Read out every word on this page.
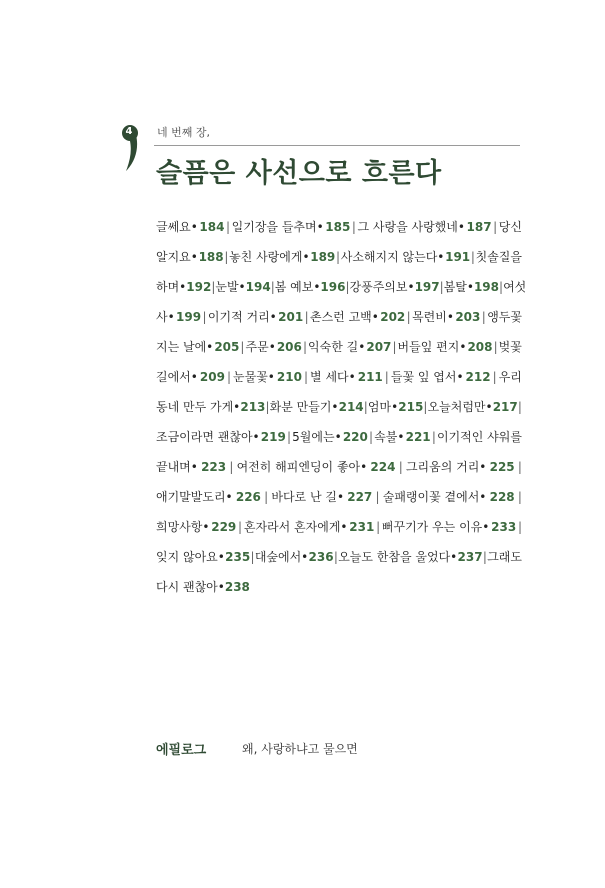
4	네 번째 장,
슬픔은 사선으로 흐른다
글쎄요• 184 | 일기장을 들추며• 185 | 그 사랑을 사랑했네• 187 | 당신
알지요• 188 | 놓친 사랑에게• 189 | 사소해지지 않는다• 191 | 칫솔질을
하며• 192 | 눈발• 194 | 봄 예보• 196 | 강풍주의보• 197 | 봄탈• 198 | 여섯
사• 199 | 이기적 거리• 201 | 촌스런 고백• 202 | 목련비• 203 | 앵두꽃
지는 날에• 205 | 주문• 206 | 익숙한 길• 207 | 버들잎 편지• 208 | 벚꽃
길에서• 209 | 눈물꽃• 210 | 별 세다• 211 | 들꽃 잎 엽서• 212 | 우리
동네 만두 가게• 213 | 화분 만들기• 214 | 엄마• 215 | 오늘처럼만• 217 |
조금이라면 괜찮아• 219 | 5월에는• 220 | 속불• 221 | 이기적인 샤워를
끝내며• 223 | 여전히 해피엔딩이 좋아• 224 | 그리움의 거리• 225 |
애기말발도리• 226 | 바다로 난 길• 227 | 술패랭이꽃 곁에서• 228 |
희망사항• 229 | 혼자라서 혼자에게• 231 | 뻐꾸기가 우는 이유• 233 |
잊지 않아요• 235 | 대숲에서• 236 | 오늘도 한참을 울었다• 237 | 그래도
다시 괜찮아• 238
에필로그	왜, 사랑하냐고 물으면
